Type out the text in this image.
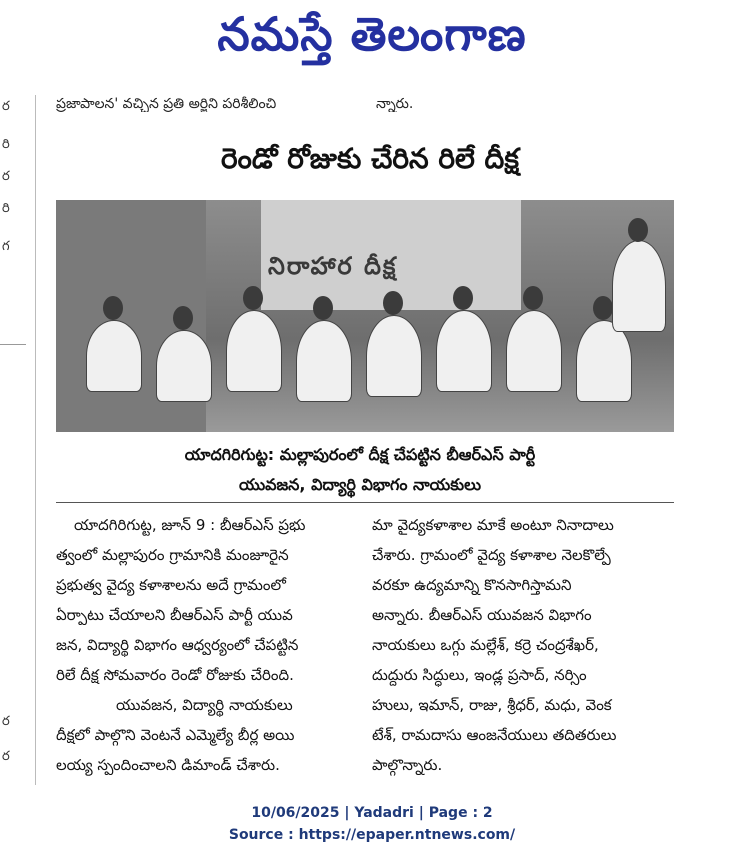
నమస్తే తెలంగాణ
ర
రి
ర
రి
గ
ర
ర
ప్రజాపాలన' వచ్చిన ప్రతి అర్జిని పరిశీలించి	న్నారు.
రెండో రోజుకు చేరిన రిలే దీక్ష
నిరాహార దీక్ష
యాదగిరిగుట్ట: మల్లాపురంలో దీక్ష చేపట్టిన బీఆర్ఎస్ పార్టీ
యువజన, విద్యార్థి విభాగం నాయకులు
యాదగిరిగుట్ట, జూన్ 9 : బీఆర్ఎస్ ప్రభు
త్వంలో మల్లాపురం గ్రామానికి మంజూరైన
ప్రభుత్వ వైద్య కళాశాలను అదే గ్రామంలో
ఏర్పాటు చేయాలని బీఆర్ఎస్ పార్టీ యువ
జన, విద్యార్థి విభాగం ఆధ్వర్యంలో చేపట్టిన
రిలే దీక్ష సోమవారం రెండో రోజుకు చేరింది.
యువజన, విద్యార్థి నాయకులు
దీక్షలో పాల్గొని వెంటనే ఎమ్మెల్యే బీర్ల అయి
లయ్య స్పందించాలని డిమాండ్ చేశారు.
మా వైద్యకళాశాల మాకే అంటూ నినాదాలు
చేశారు. గ్రామంలో వైద్య కళాశాల నెలకొల్పే
వరకూ ఉద్యమాన్ని కొనసాగిస్తామని
అన్నారు. బీఆర్ఎస్ యువజన విభాగం
నాయకులు ఒగ్గు మల్లేశ్, కర్రె చంద్రశేఖర్,
దుద్దురు సిద్ధులు, ఇండ్ల ప్రసాద్, నర్సిం
హులు, ఇమాన్, రాజు, శ్రీధర్, మధు, వెంక
టేశ్, రామదాసు ఆంజనేయులు తదితరులు
పాల్గొన్నారు.
10/06/2025 | Yadadri | Page : 2
Source : https://epaper.ntnews.com/
